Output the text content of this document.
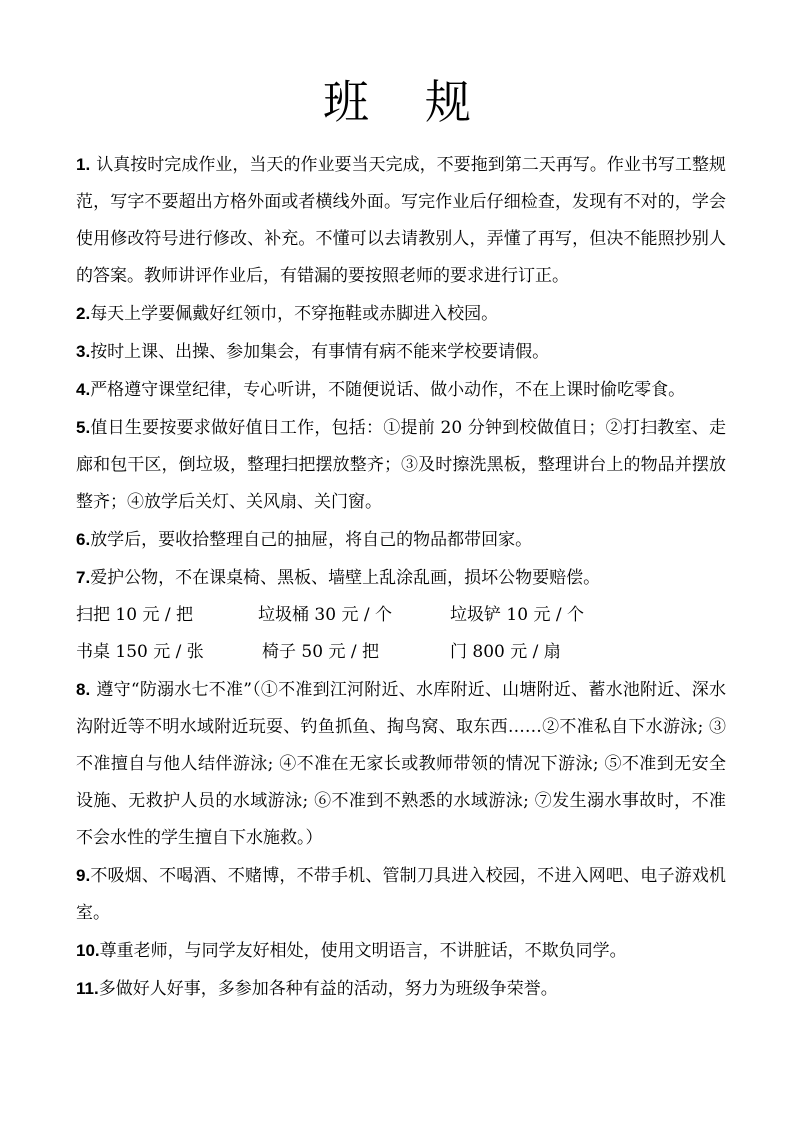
班规

1. 认真按时完成作业，当天的作业要当天完成，不要拖到第二天再写。作业书写工整规范，写字不要超出方格外面或者横线外面。写完作业后仔细检查，发现有不对的，学会使用修改符号进行修改、补充。不懂可以去请教别人，弄懂了再写，但决不能照抄别人的答案。教师讲评作业后，有错漏的要按照老师的要求进行订正。

2.每天上学要佩戴好红领巾，不穿拖鞋或赤脚进入校园。

3.按时上课、出操、参加集会，有事情有病不能来学校要请假。

4.严格遵守课堂纪律，专心听讲，不随便说话、做小动作，不在上课时偷吃零食。

5.值日生要按要求做好值日工作，包括：①提前 20 分钟到校做值日；②打扫教室、走廊和包干区，倒垃圾，整理扫把摆放整齐；③及时擦洗黑板，整理讲台上的物品并摆放整齐；④放学后关灯、关风扇、关门窗。

6.放学后，要收拾整理自己的抽屉，将自己的物品都带回家。

7.爱护公物，不在课桌椅、黑板、墙壁上乱涂乱画，损坏公物要赔偿。

扫把 10 元 / 把	垃圾桶 30 元 / 个	垃圾铲 10 元 / 个
书桌 150 元 / 张	椅子 50 元 / 把	门 800 元 / 扇

8. 遵守“防溺水七不准”（①不准到江河附近、水库附近、山塘附近、蓄水池附近、深水沟附近等不明水域附近玩耍、钓鱼抓鱼、掏鸟窝、取东西……②不准私自下水游泳; ③不准擅自与他人结伴游泳; ④不准在无家长或教师带领的情况下游泳; ⑤不准到无安全设施、无救护人员的水域游泳; ⑥不准到不熟悉的水域游泳; ⑦发生溺水事故时，不准不会水性的学生擅自下水施救。）

9.不吸烟、不喝酒、不赌博，不带手机、管制刀具进入校园，不进入网吧、电子游戏机室。

10.尊重老师，与同学友好相处，使用文明语言，不讲脏话，不欺负同学。

11.多做好人好事，多参加各种有益的活动，努力为班级争荣誉。
